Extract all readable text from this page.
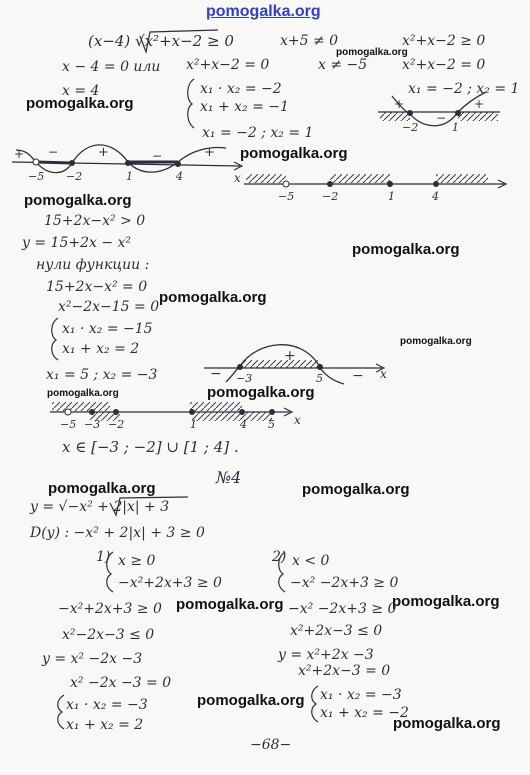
pomogalka.org
pomogalka.org
pomogalka.org
pomogalka.org
pomogalka.org
pomogalka.org
pomogalka.org
pomogalka.org
pomogalka.org
pomogalka.org
pomogalka.org	pomogalka.org
pomogalka.org	pomogalka.org
pomogalka.org
pomogalka.org
+ −	+	−	+
−5 −2	1	4	x
−5	−2	1	4
+
−
+
−2	1
−
+
−
−3	5	x
−5 −3 −2	1	4 5 x
(x−4) √x²+x−2 ≥ 0	x+5 ≠ 0	x²+x−2 ≥ 0
x − 4 = 0 или x²+x−2 = 0	x ≠ −5 x²+x−2 = 0
x = 4	x₁ · x₂ = −2
x₁ + x₂ = −1
x₁ = −2 ; x₂ = 1
x₁ = −2 ; x₂ = 1
15+2x−x² > 0
y = 15+2x − x²
нули функции :
15+2x−x² = 0
x²−2x−15 = 0
x₁ · x₂ = −15
x₁ + x₂ = 2
x₁ = 5 ; x₂ = −3
x ∈ [−3 ; −2] ∪ [1 ; 4] .
№4
y = √−x² + 2|x| + 3
D(y) : −x² + 2|x| + 3 ≥ 0
1) x ≥ 0
−x²+2x+3 ≥ 0
2) x < 0
−x² −2x+3 ≥ 0
−x²+2x+3 ≥ 0	−x² −2x+3 ≥ 0
x²−2x−3 ≤ 0	x²+2x−3 ≤ 0
y = x² −2x −3	y = x²+2x −3
x² −2x −3 = 0
x²+2x−3 = 0
x₁ · x₂ = −3
x₁ + x₂ = 2
x₁ · x₂ = −3
x₁ + x₂ = −2
−68−
